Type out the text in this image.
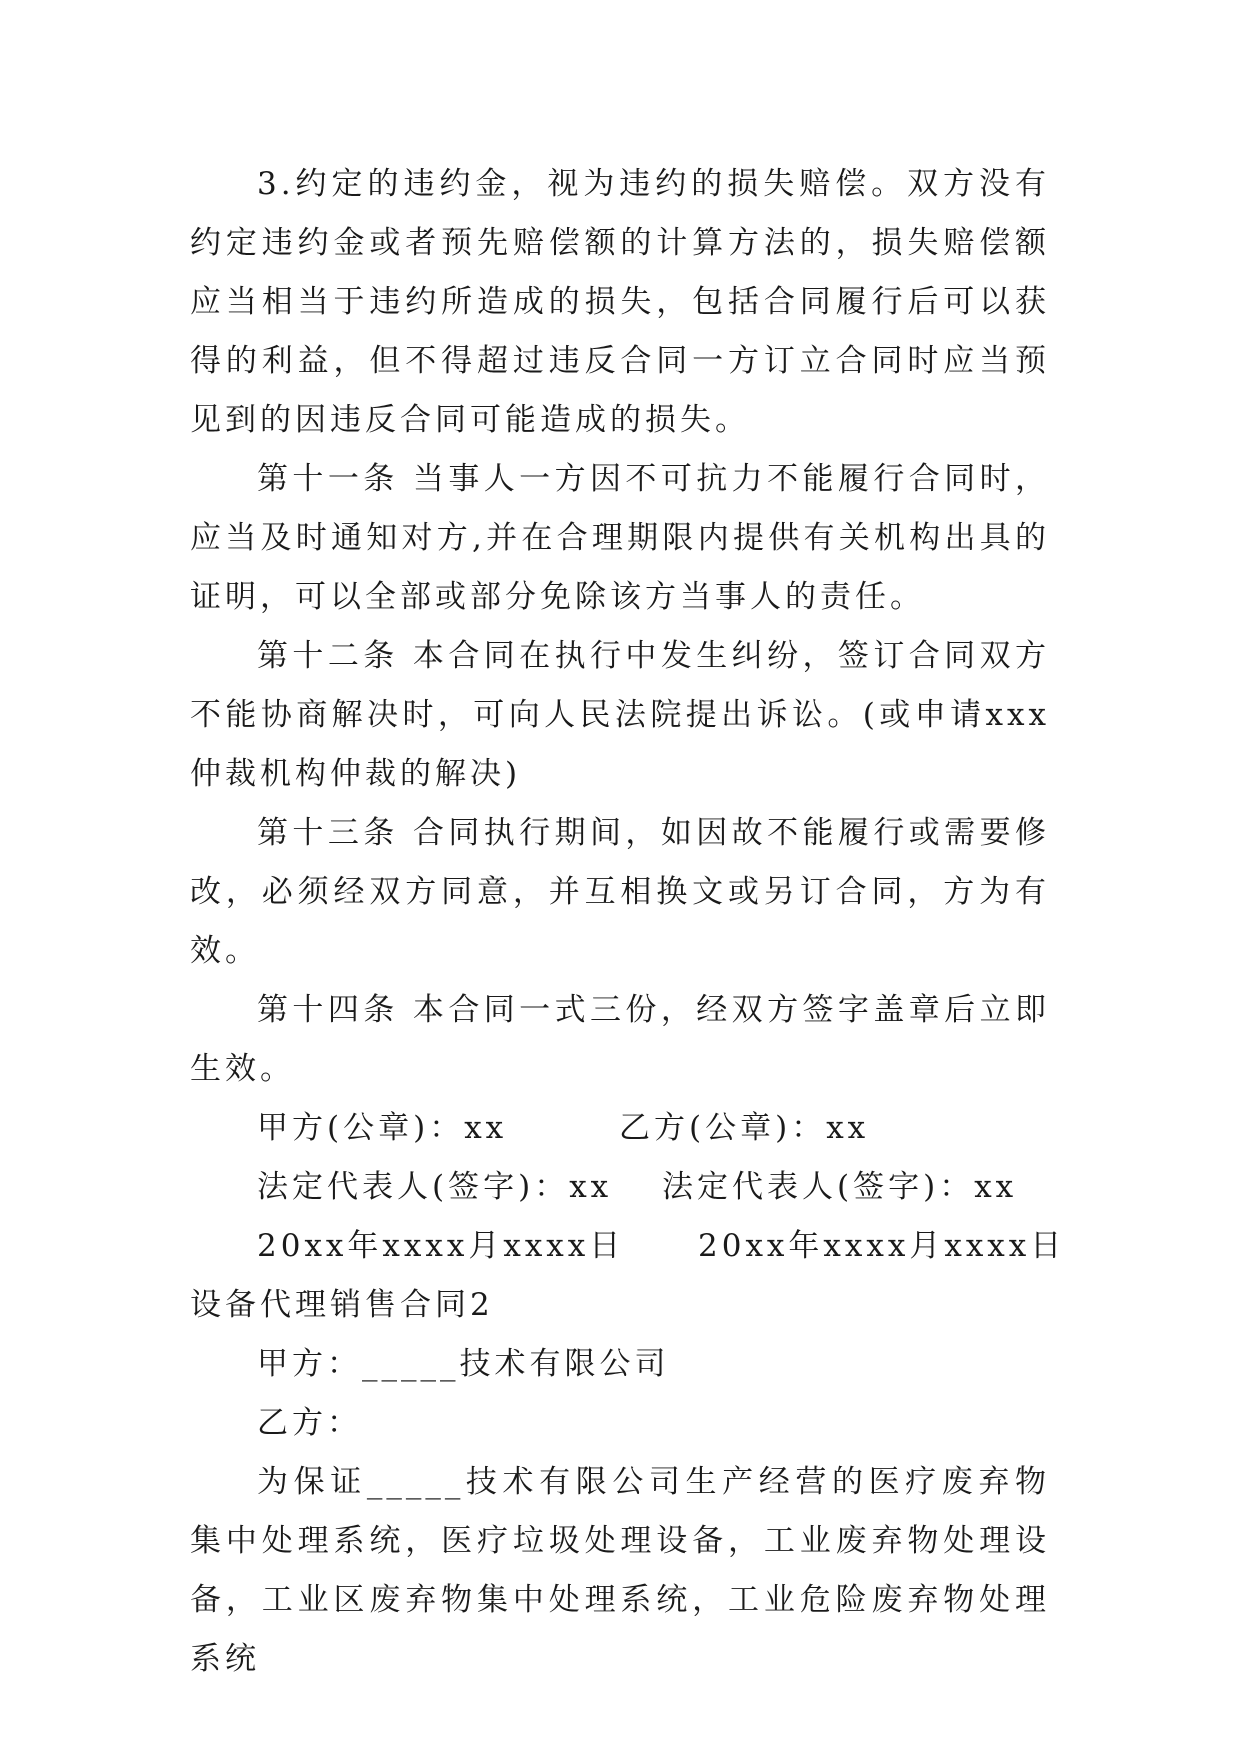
3.约定的违约金，视为违约的损失赔偿。双方没有约定违约金或者预先赔偿额的计算方法的，损失赔偿额应当相当于违约所造成的损失，包括合同履行后可以获得的利益，但不得超过违反合同一方订立合同时应当预见到的因违反合同可能造成的损失。

第十一条 当事人一方因不可抗力不能履行合同时，应当及时通知对方,并在合理期限内提供有关机构出具的证明，可以全部或部分免除该方当事人的责任。

第十二条 本合同在执行中发生纠纷，签订合同双方不能协商解决时，可向人民法院提出诉讼。(或申请xxx仲裁机构仲裁的解决)

第十三条 合同执行期间，如因故不能履行或需要修改，必须经双方同意，并互相换文或另订合同，方为有效。

第十四条 本合同一式三份，经双方签字盖章后立即生效。

甲方(公章)：xx	乙方(公章)：xx
法定代表人(签字)：xx 法定代表人(签字)：xx
20xx年xxxx月xxxx日 20xx年xxxx月xxxx日

设备代理销售合同2

甲方：_____技术有限公司

乙方：

为保证_____技术有限公司生产经营的医疗废弃物集中处理系统，医疗垃圾处理设备，工业废弃物处理设备，工业区废弃物集中处理系统，工业危险废弃物处理系统
